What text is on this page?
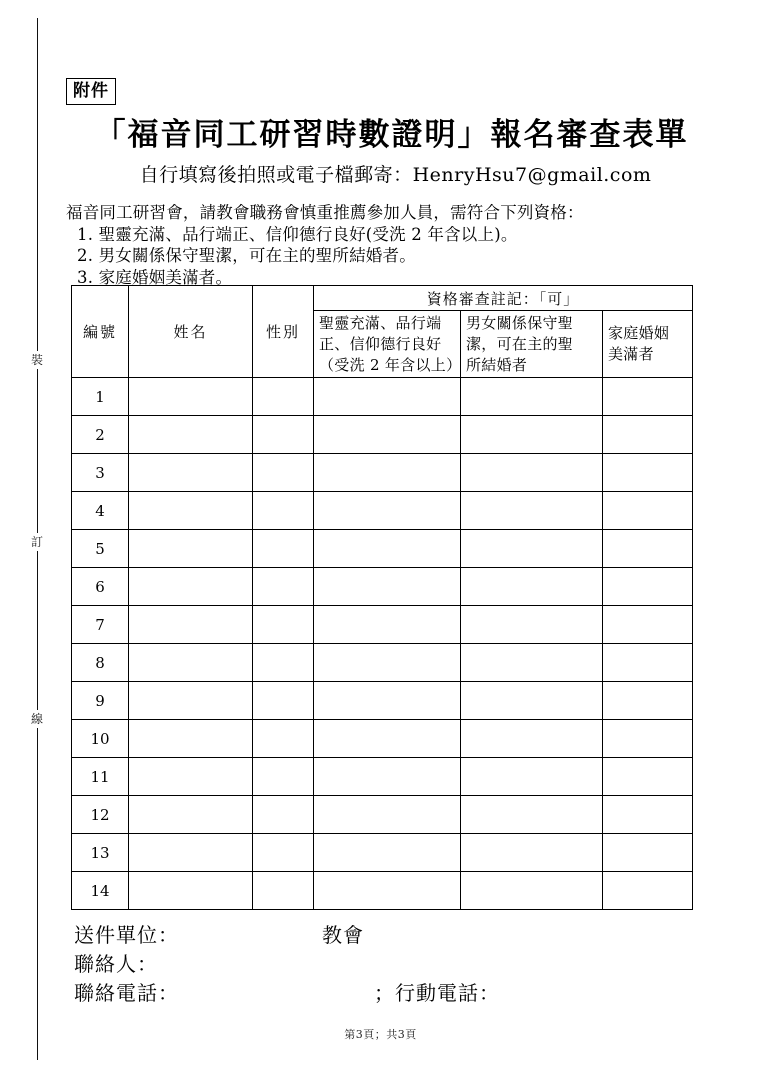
裝
訂
線
附件
「福音同工研習時數證明」報名審查表單
自行填寫後拍照或電子檔郵寄：HenryHsu7@gmail.com
福音同工研習會，請教會職務會慎重推薦參加人員，需符合下列資格：
1. 聖靈充滿、品行端正、信仰德行良好(受洗 2 年含以上)。
2. 男女關係保守聖潔，可在主的聖所結婚者。
3. 家庭婚姻美滿者。
編號	姓名	性別	資格審查註記：「可」		

			聖靈充滿、品行端
正、信仰德行良好
（受洗 2 年含以上）	男女關係保守聖
潔，可在主的聖
所結婚者	家庭婚姻
美滿者

1					
2					
3					
4					
5					
6					
7					
8					
9					
10					
11					
12					
13					
14					
送件單位：	教會
聯絡人：
聯絡電話：	；行動電話：
第3頁；共3頁
